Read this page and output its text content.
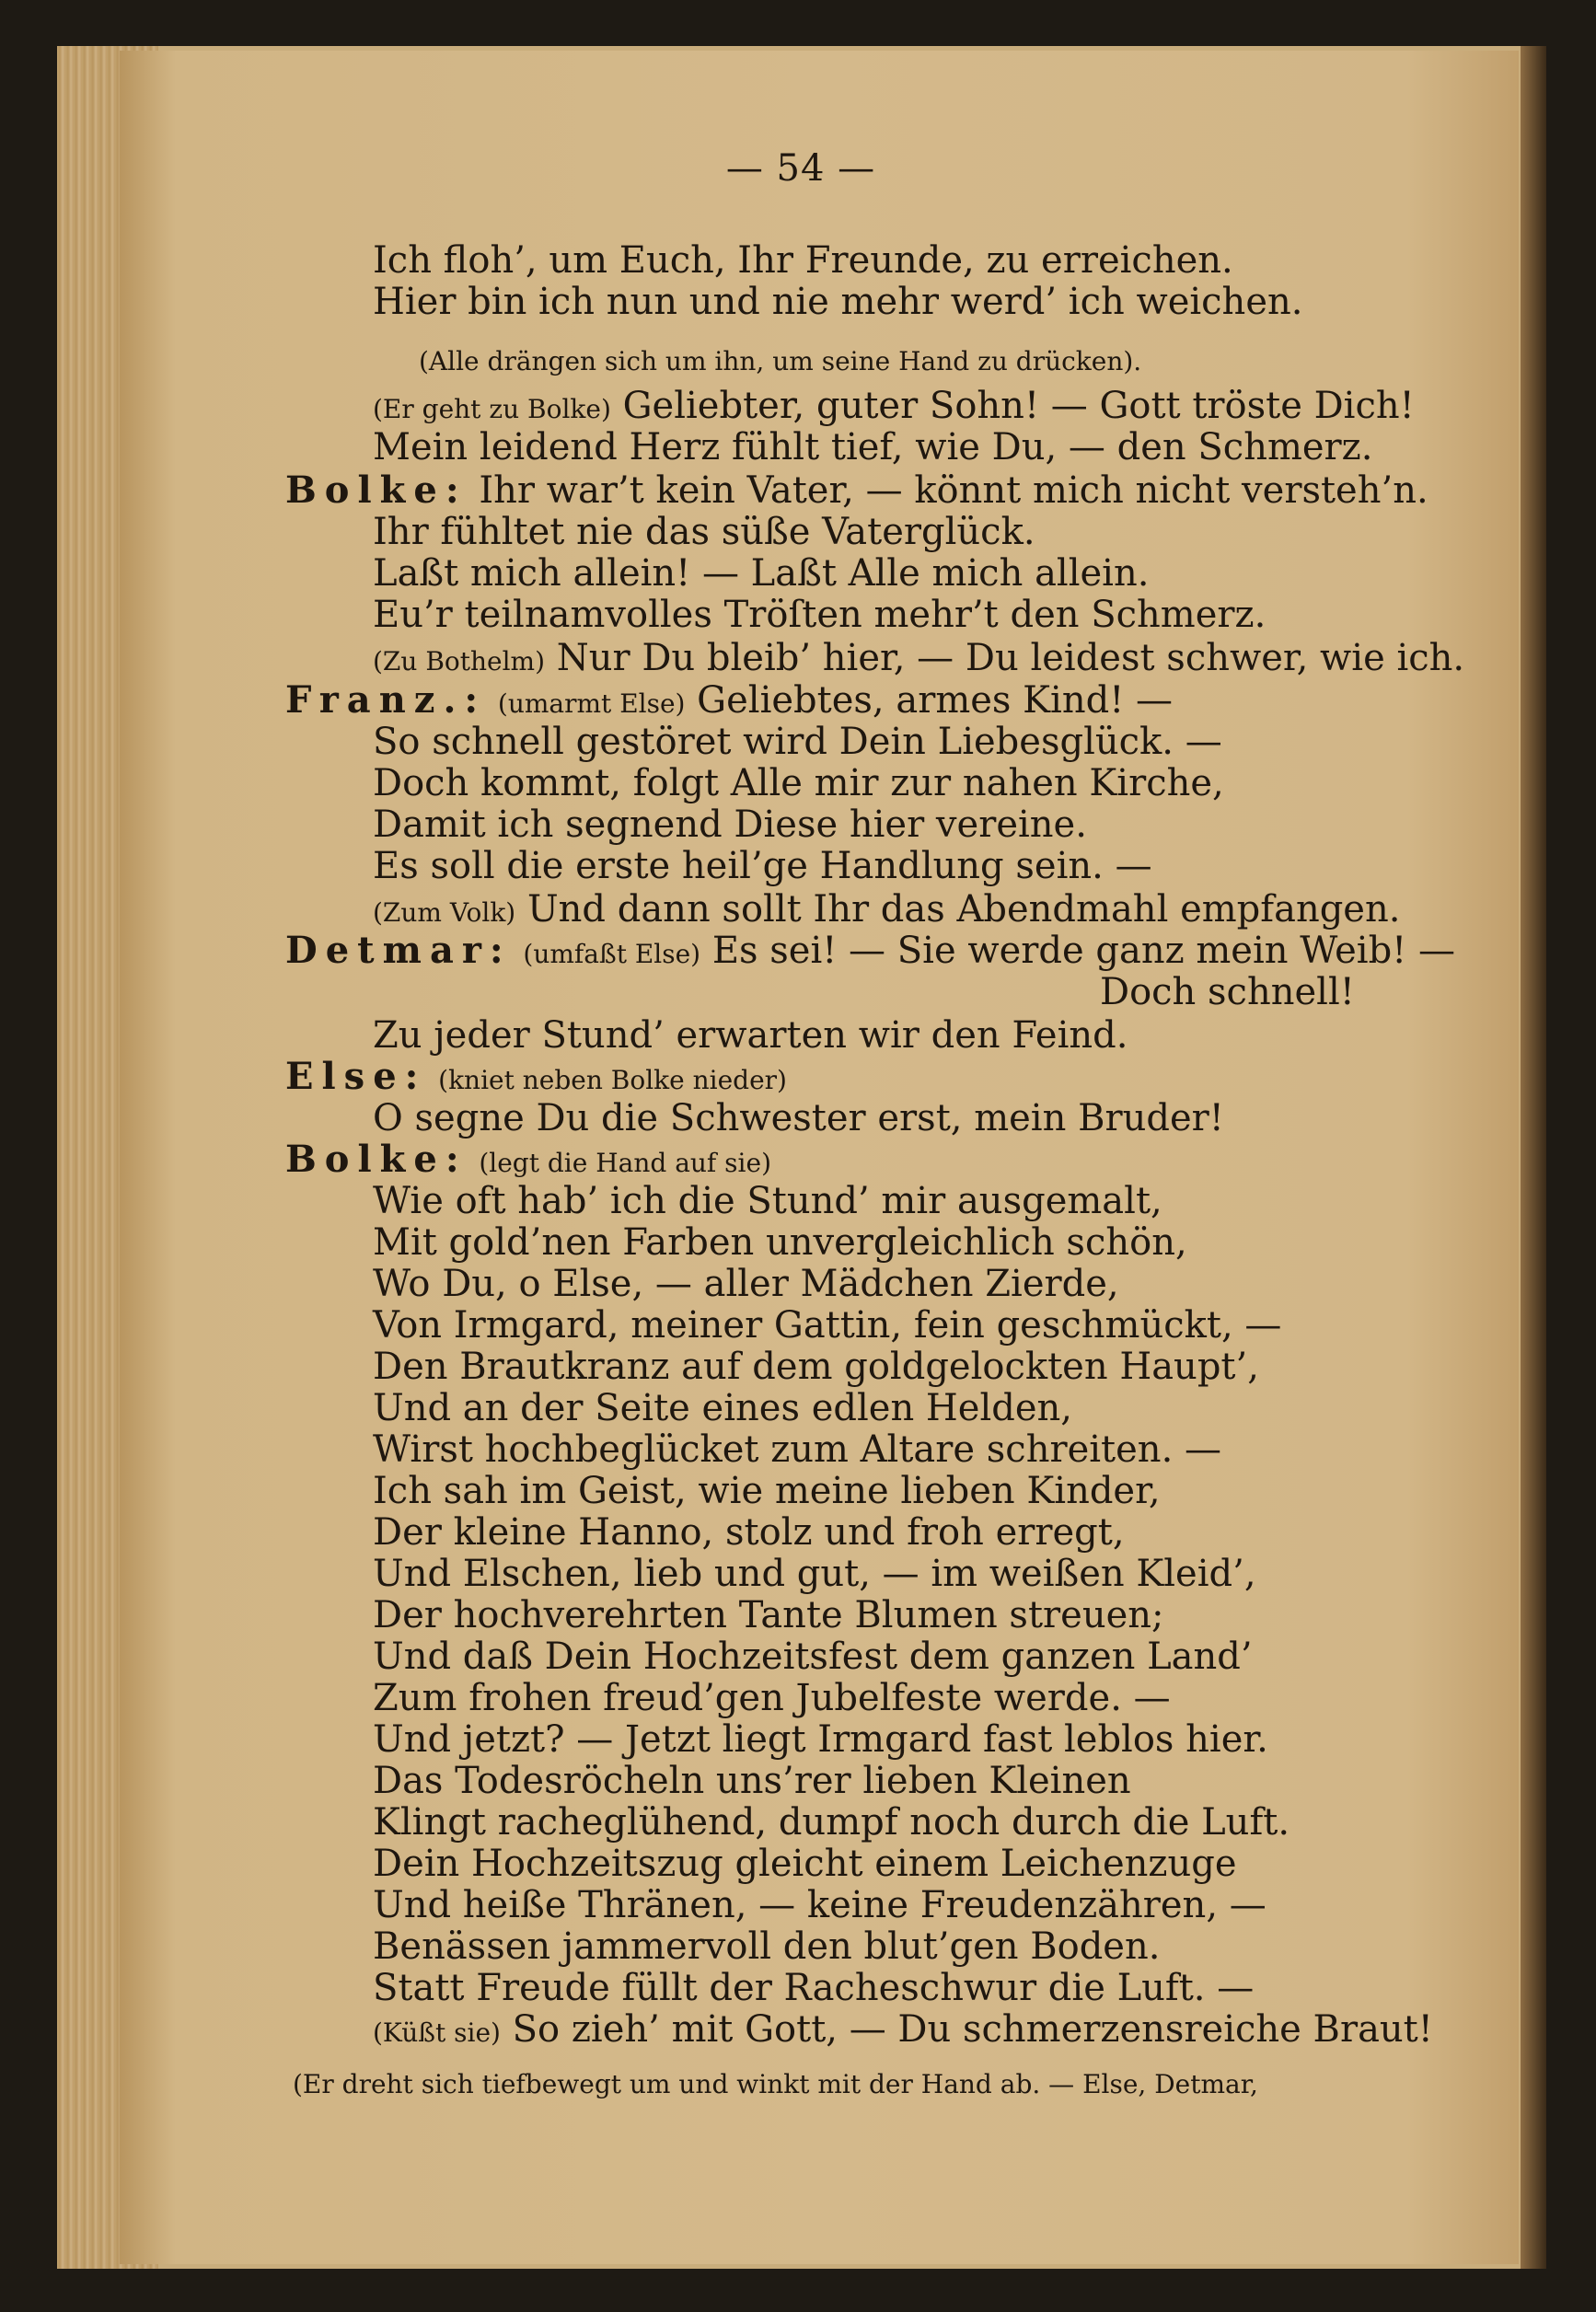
— 54 —
Ich floh’, um Euch, Ihr Freunde, zu erreichen.
Hier bin ich nun und nie mehr werd’ ich weichen.
(Alle drängen sich um ihn, um seine Hand zu drücken).
(Er geht zu Bolke) Geliebter, guter Sohn! — Gott tröste Dich!
Mein leidend Herz fühlt tief, wie Du, — den Schmerz.
Bolke: Ihr war’t kein Vater, — könnt mich nicht versteh’n.
Ihr fühltet nie das süße Vaterglück.
Laßt mich allein! — Laßt Alle mich allein.
Eu’r teilnamvolles Tröſten mehr’t den Schmerz.
(Zu Bothelm) Nur Du bleib’ hier, — Du leidest schwer, wie ich.
Franz.: (umarmt Else) Geliebtes, armes Kind! —
So schnell gestöret wird Dein Liebesglück. —
Doch kommt, folgt Alle mir zur nahen Kirche,
Damit ich segnend Diese hier vereine.
Es soll die erste heil’ge Handlung sein. —
(Zum Volk) Und dann sollt Ihr das Abendmahl empfangen.
Detmar: (umfaßt Else) Es sei! — Sie werde ganz mein Weib! —
Doch schnell!
Zu jeder Stund’ erwarten wir den Feind.
Else: (kniet neben Bolke nieder)
O segne Du die Schwester erst, mein Bruder!
Bolke: (legt die Hand auf sie)
Wie oft hab’ ich die Stund’ mir ausgemalt,
Mit gold’nen Farben unvergleichlich schön,
Wo Du, o Else, — aller Mädchen Zierde,
Von Irmgard, meiner Gattin, fein geschmückt, —
Den Brautkranz auf dem goldgelockten Haupt’,
Und an der Seite eines edlen Helden,
Wirst hochbeglücket zum Altare schreiten. —
Ich sah im Geist, wie meine lieben Kinder,
Der kleine Hanno, stolz und froh erregt,
Und Elschen, lieb und gut, — im weißen Kleid’,
Der hochverehrten Tante Blumen streuen;
Und daß Dein Hochzeitsfest dem ganzen Land’
Zum frohen freud’gen Jubelfeste werde. —
Und jetzt? — Jetzt liegt Irmgard fast leblos hier.
Das Todesröcheln uns’rer lieben Kleinen
Klingt racheglühend, dumpf noch durch die Luft.
Dein Hochzeitszug gleicht einem Leichenzuge
Und heiße Thränen, — keine Freudenzähren, —
Benässen jammervoll den blut’gen Boden.
Statt Freude füllt der Racheschwur die Luft. —
(Küßt sie) So zieh’ mit Gott, — Du schmerzensreiche Braut!
(Er dreht sich tiefbewegt um und winkt mit der Hand ab. — Else, Detmar,
